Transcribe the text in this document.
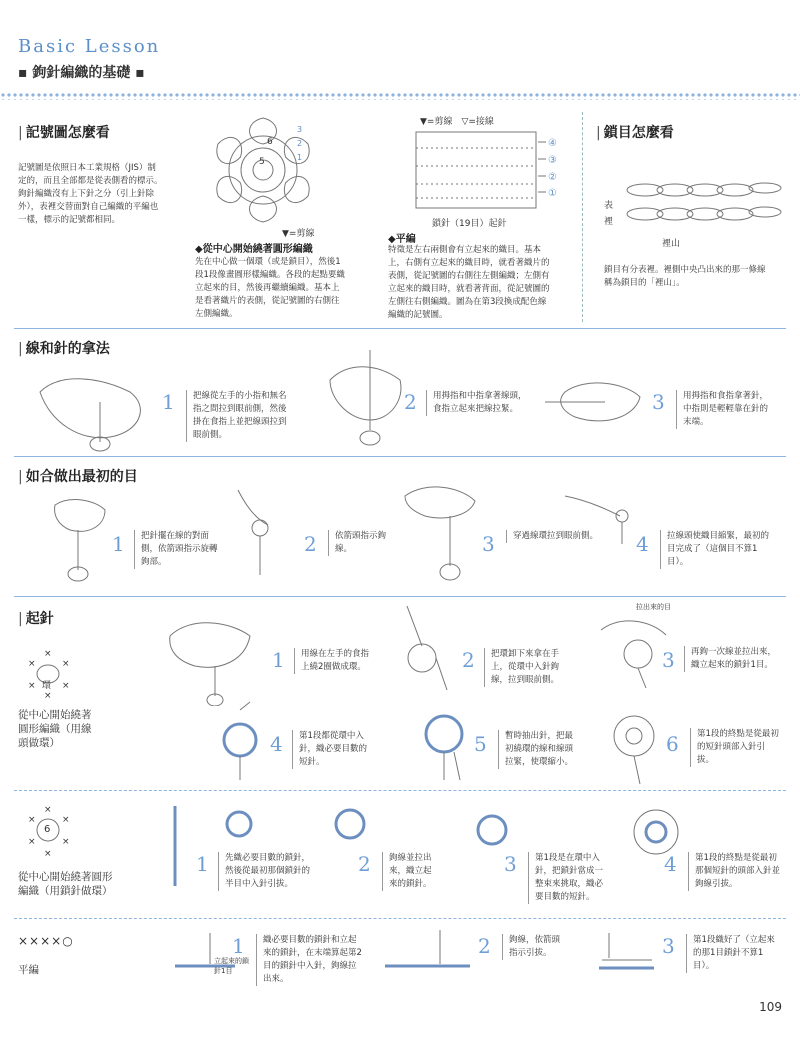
Basic Lesson
▪ 鉤針編織的基礎 ▪
| 記號圖怎麼看
記號圖是依照日本工業規格（JIS）制
定的，而且全部都是從表側看的標示。
鉤針編織沒有上下針之分（引上針除
外），表裡交替面對自己編織的平編也
一樣，標示的記號都相同。
6
5
3
2
1
▼=剪線
◆從中心開始繞著圓形編織
先在中心做一個環（或是鎖目），然後1
段1段像畫圓形樣編織。各段的起點要織
立起來的目，然後再繼續編織。基本上
是看著織片的表側，從記號圖的右側往
左側編織。
▼=剪線　▽=接線
④
③
②
①
鎖針（19目）起針
◆平編
特徵是左右兩側會有立起來的織目。基本
上，右側有立起來的織目時，就看著織片的
表側，從記號圖的右側往左側編織；左側有
立起來的織目時，就看著背面，從記號圖的
左側往右側編織。圖為在第3段換成配色線
編織的記號圖。
| 鎖目怎麼看
表
裡
裡山
鎖目有分表裡。裡側中央凸出來的那一條線
稱為鎖目的「裡山」。
| 線和針的拿法
1 把線從左手的小指和無名
指之間拉到眼前側，然後
掛在食指上並把線頭拉到
眼前側。
2 用拇指和中指拿著線頭，
食指立起來把線拉緊。	3 用拇指和食指拿著針，
中指則是輕輕靠在針的
末端。
| 如合做出最初的目
1 把針擺在線的對面
側，依箭頭指示旋轉
鉤部。
2 依箭頭指示鉤
線。	3 穿過線環拉到眼前側。	4 拉線頭使織目縮緊，最初的
目完成了（這個目不算1
目）。
| 起針
×
×	×
×	×
×
環
從中心開始繞著
圓形編織（用線
頭做環）
1 用線在左手的食指
上繞2圈做成環。	2 把環卸下來拿在手
上，從環中入針鉤
線，拉到眼前側。
拉出來的目
3 再鉤一次線並拉出來，
織立起來的鎖針1目。
4 第1段都從環中入
針，織必要目數的
短針。
5 暫時抽出針，把最
初繞環的線和線頭
拉緊，使環縮小。
6 第1段的終點是從最初
的短針頭部入針引
拔。
×
×	×
×	×
×
6
從中心開始繞著圓形
編織（用鎖針做環）
1 先織必要目數的鎖針，
然後從最初那個鎖針的
半目中入針引拔。
2 鉤線並拉出
來，織立起
來的鎖針。
3 第1段是在環中入
針，把鎖針當成一
整束來挑取，織必
要目數的短針。
4 第1段的終點是從最初
那個短針的頭部入針並
鉤線引拔。
××××○
平編
立起來的鎖針1目
1 織必要目數的鎖針和立起
來的鎖針，在末端算起第2
目的鎖針中入針，鉤線拉
出來。
2 鉤線，依箭頭
指示引拔。	3 第1段織好了（立起來
的那1目鎖針不算1
目）。
109
